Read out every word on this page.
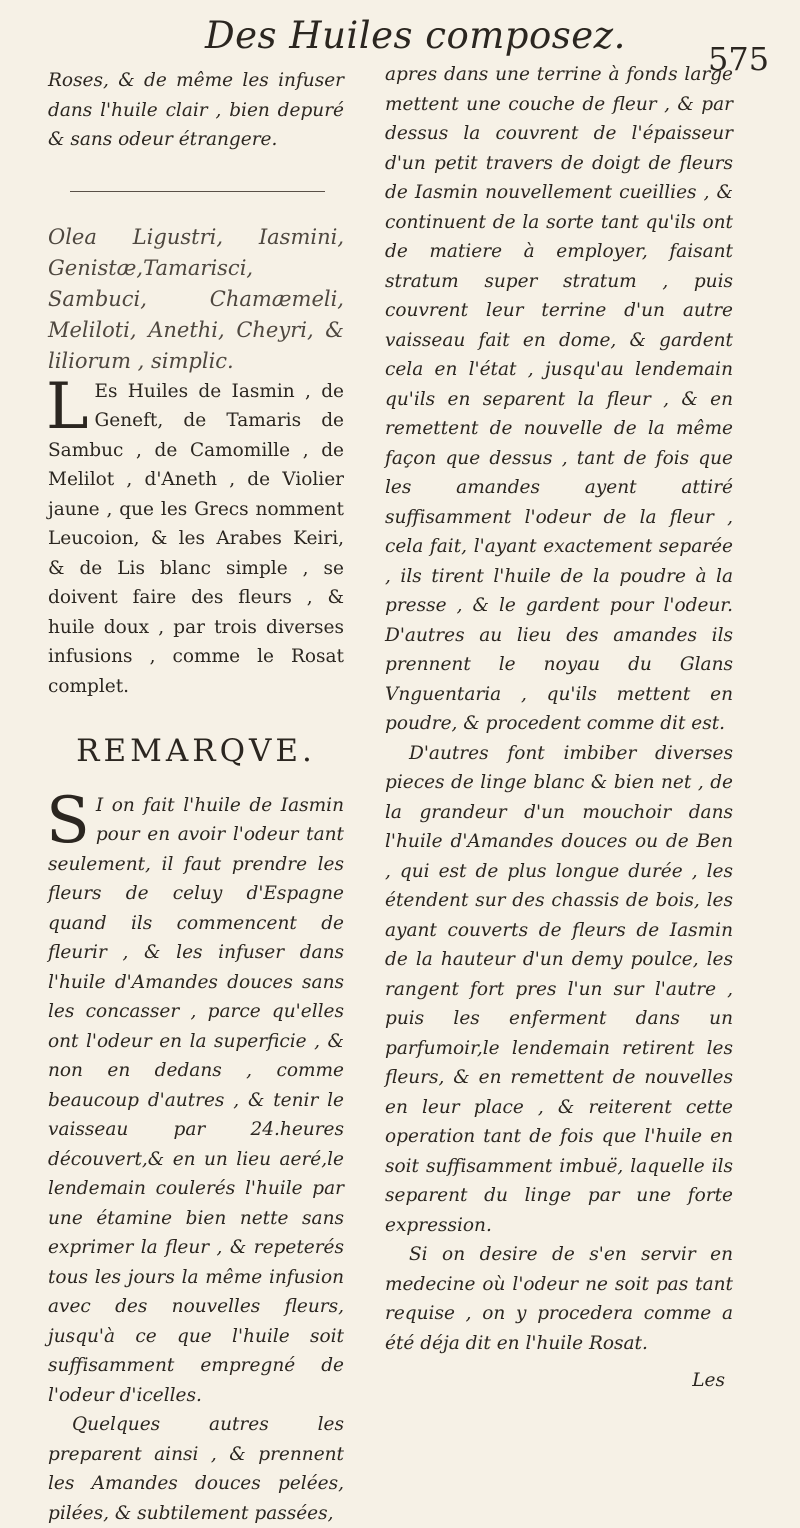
Des Huiles composez.
575

Roses, & de même les infuser dans l'huile clair , bien depuré & sans odeur étrangere.

Olea Ligustri, Iasmini, Genistæ,Tamarisci, Sambuci, Chamæmeli, Meliloti, Anethi, Cheyri, & liliorum , simplic.

L Es Huiles de Iasmin , de Geneft, de Tamaris de Sambuc , de Camomille , de Melilot , d'Aneth , de Violier jaune , que les Grecs nomment Leucoion, & les Arabes Keiri, & de Lis blanc simple , se doivent faire des fleurs , & huile doux , par trois diverses infusions , comme le Rosat complet.

REMARQVE.

S I on fait l'huile de Iasmin pour en avoir l'odeur tant seulement, il faut prendre les fleurs de celuy d'Espagne quand ils commencent de fleurir , & les infuser dans l'huile d'Amandes douces sans les concasser , parce qu'elles ont l'odeur en la superficie , & non en dedans , comme beaucoup d'autres , & tenir le vaisseau par 24.heures découvert,& en un lieu aeré,le lendemain coulerés l'huile par une étamine bien nette sans exprimer la fleur , & repeterés tous les jours la même infusion avec des nouvelles fleurs, jusqu'à ce que l'huile soit suffisamment empregné de l'odeur d'icelles.

Quelques autres les preparent ainsi , & prennent les Amandes douces pelées, pilées, & subtilement passées,

apres dans une terrine à fonds large mettent une couche de fleur , & par dessus la couvrent de l'épaisseur d'un petit travers de doigt de fleurs de Iasmin nouvellement cueillies , & continuent de la sorte tant qu'ils ont de matiere à employer, faisant stratum super stratum , puis couvrent leur terrine d'un autre vaisseau fait en dome, & gardent cela en l'état , jusqu'au lendemain qu'ils en separent la fleur , & en remettent de nouvelle de la même façon que dessus , tant de fois que les amandes ayent attiré suffisamment l'odeur de la fleur , cela fait, l'ayant exactement separée , ils tirent l'huile de la poudre à la presse , & le gardent pour l'odeur. D'autres au lieu des amandes ils prennent le noyau du Glans Vnguentaria , qu'ils mettent en poudre, & procedent comme dit est.

D'autres font imbiber diverses pieces de linge blanc & bien net , de la grandeur d'un mouchoir dans l'huile d'Amandes douces ou de Ben , qui est de plus longue durée , les étendent sur des chassis de bois, les ayant couverts de fleurs de Iasmin de la hauteur d'un demy poulce, les rangent fort pres l'un sur l'autre , puis les enferment dans un parfumoir,le lendemain retirent les fleurs, & en remettent de nouvelles en leur place , & reiterent cette operation tant de fois que l'huile en soit suffisamment imbuë, laquelle ils separent du linge par une forte expression.

Si on desire de s'en servir en medecine où l'odeur ne soit pas tant requise , on y procedera comme a été déja dit en l'huile Rosat.

Les
